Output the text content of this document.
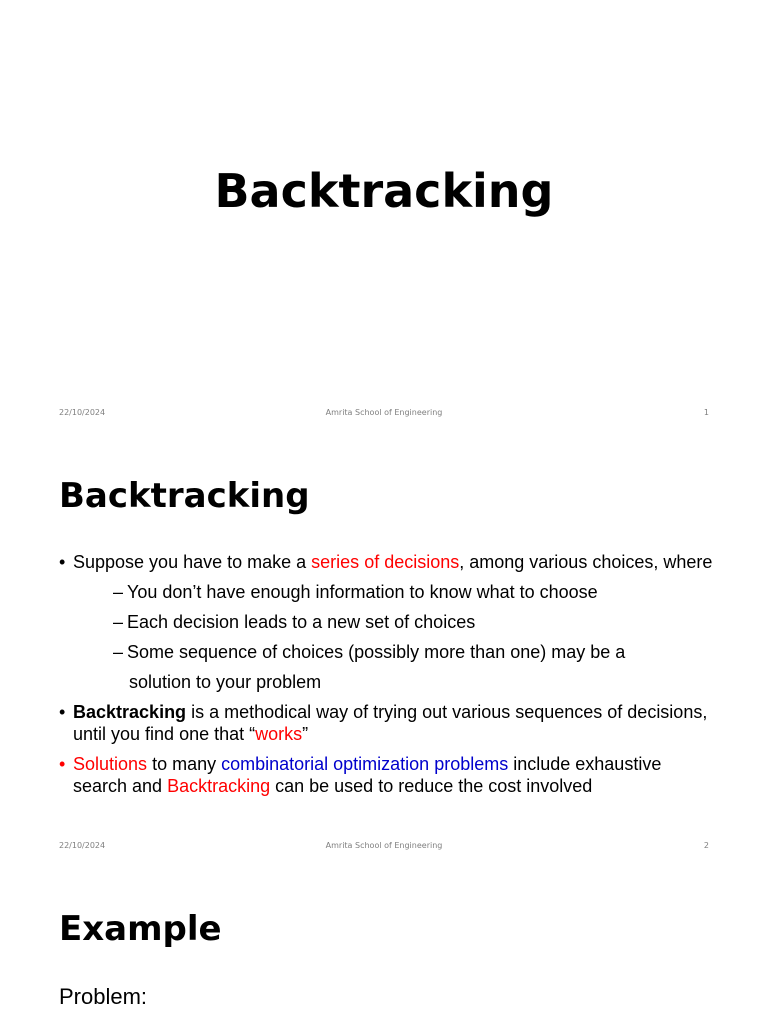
Backtracking
22/10/2024	Amrita School of Engineering	1
Backtracking
• Suppose you have to make a series of decisions, among various choices, where
– You don’t have enough information to know what to choose
– Each decision leads to a new set of choices
– Some sequence of choices (possibly more than one) may be a
solution to your problem
• Backtracking is a methodical way of trying out various sequences of decisions, until you find one that “works”
• Solutions to many combinatorial optimization problems include exhaustive search and Backtracking can be used to reduce the cost involved
22/10/2024	Amrita School of Engineering	2
Example
Problem:
